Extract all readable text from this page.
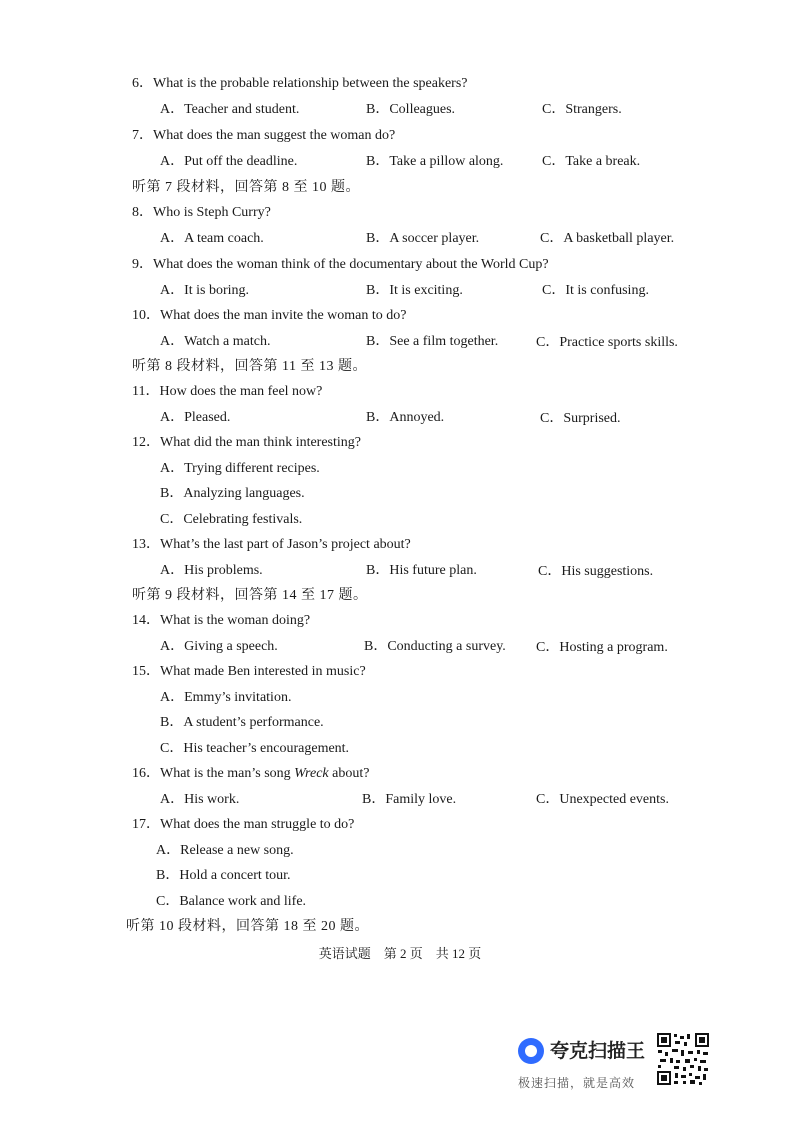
6．What is the probable relationship between the speakers?
A．Teacher and student.	B．Colleagues.	C．Strangers.
7．What does the man suggest the woman do?
A．Put off the deadline.	B．Take a pillow along.	C．Take a break.
听第 7 段材料，回答第 8 至 10 题。
8．Who is Steph Curry?
A．A team coach.	B．A soccer player.	C．A basketball player.
9．What does the woman think of the documentary about the World Cup?
A．It is boring.	B．It is exciting.	C．It is confusing.
10．What does the man invite the woman to do?
A．Watch a match.	B．See a film together.	C．Practice sports skills.
听第 8 段材料，回答第 11 至 13 题。
11．How does the man feel now?
A．Pleased.	B．Annoyed.	C．Surprised.
12．What did the man think interesting?
A．Trying different recipes.
B．Analyzing languages.
C．Celebrating festivals.
13．What’s the last part of Jason’s project about?
A．His problems.	B．His future plan.	C．His suggestions.
听第 9 段材料，回答第 14 至 17 题。
14．What is the woman doing?
A．Giving a speech.	B．Conducting a survey. C．Hosting a program.
15．What made Ben interested in music?
A．Emmy’s invitation.
B．A student’s performance.
C．His teacher’s encouragement.
16．What is the man’s song Wreck about?
A．His work.	B．Family love.	C．Unexpected events.
17．What does the man struggle to do?
A．Release a new song.
B．Hold a concert tour.
C．Balance work and life.
听第 10 段材料，回答第 18 至 20 题。
英语试题　第 2 页　共 12 页
夸克扫描王
极速扫描，就是高效
